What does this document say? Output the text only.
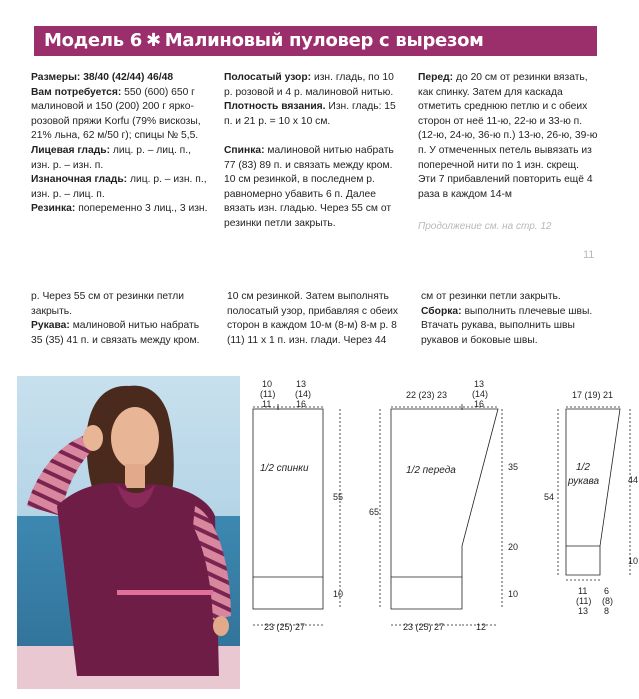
Модель 6 ✱ Малиновый пуловер с вырезом

Размеры: 38/40 (42/44) 46/48

Вам потребуется: 550 (600) 650 г малиновой и 150 (200) 200 г ярко-розовой пряжи Korfu (79% вискозы, 21% льна, 62 м/50 г); спицы № 5,5.

Лицевая гладь: лиц. р. – лиц. п., изн. р. – изн. п.

Изнаночная гладь: лиц. р. – изн. п., изн. р. – лиц. п.

Резинка: попеременно 3 лиц., 3 изн.

Полосатый узор: изн. гладь, по 10 р. розовой и 4 р. малиновой нитью.

Плотность вязания. Изн. гладь: 15 п. и 21 р. = 10 x 10 см.

Спинка: малиновой нитью набрать 77 (83) 89 п. и связать между кром. 10 см резинкой, в последнем р. равномерно убавить 6 п. Далее вязать изн. гладью. Через 55 см от резинки петли закрыть.

Перед: до 20 см от резинки вязать, как спинку. Затем для каскада отметить среднюю петлю и с обеих сторон от неё 11-ю, 22-ю и 33-ю п. (12-ю, 24-ю, 36-ю п.) 13-ю, 26-ю, 39-ю п. У отмеченных петель вывязать из поперечной нити по 1 изн. скрещ. Эти 7 прибавлений повторить ещё 4 раза в каждом 14-м

Продолжение см. на стр. 12
11

р. Через 55 см от резинки петли закрыть.

Рукава: малиновой нитью набрать 35 (35) 41 п. и связать между кром.

10 см резинкой. Затем выполнять полосатый узор, прибавляя с обеих сторон в каждом 10-м (8-м) 8-м р. 8 (11) 11 x 1 п. изн. глади. Через 44

см от резинки петли закрыть.

Сборка: выполнить плечевые швы. Втачать рукава, выполнить швы рукавов и боковые швы.

10
(11)
11
13
(14)
16
1/2 спинки
55
10
23 (25) 27
22 (23) 23
13
(14)
16
1/2 переда
65
35
20
10
23 (25) 27	12
17 (19) 21
1/2
рукава
54
44
10
11
(11)
13
6
(8)
8
